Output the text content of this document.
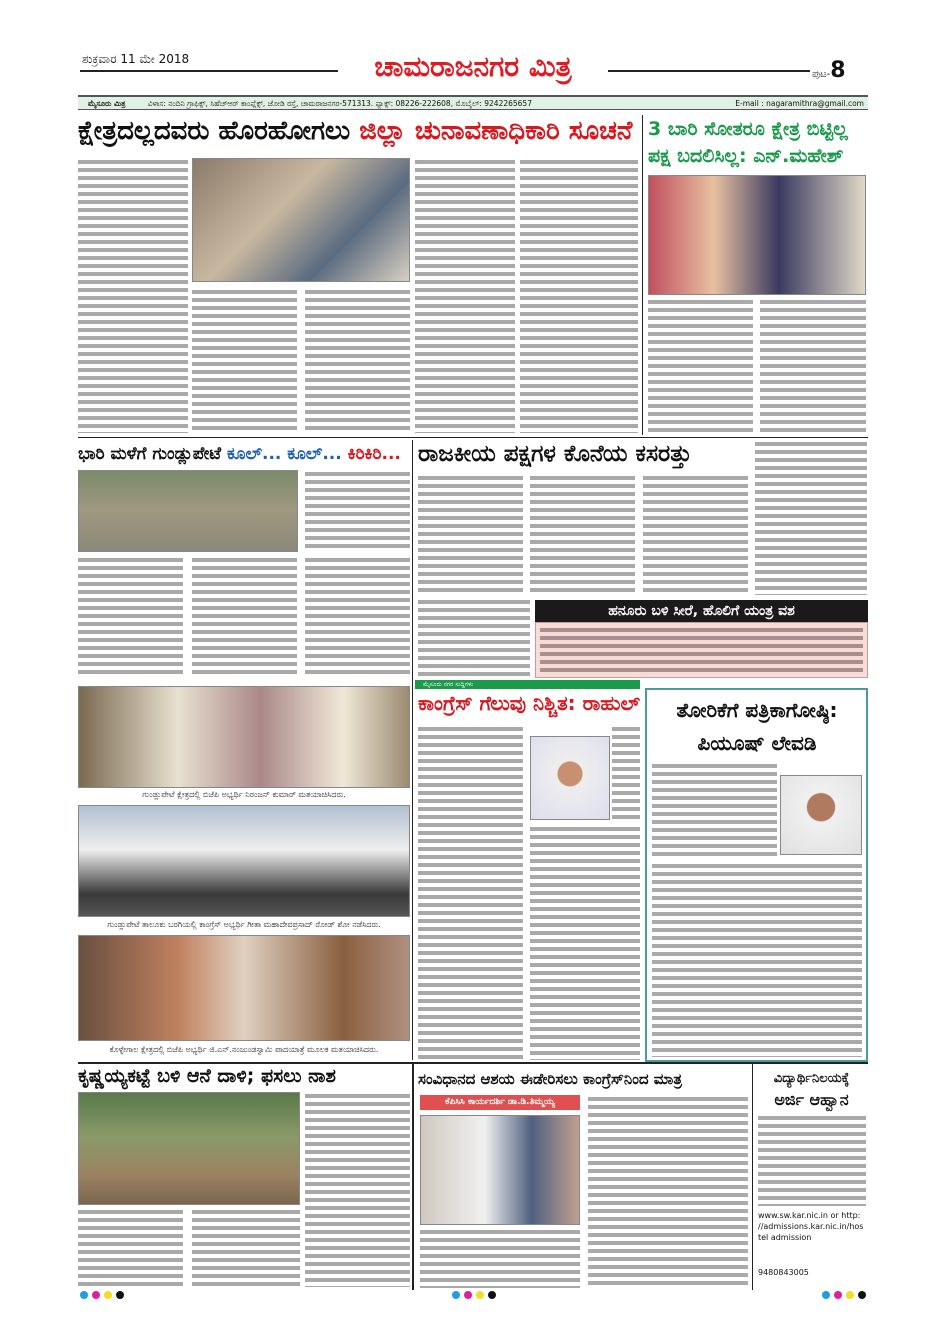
ಶುಕ್ರವಾರ 11 ಮೇ 2018	ಚಾಮರಾಜನಗರ ಮಿತ್ರ	ಪುಟ-8
ಮೈಸೂರು ಮಿತ್ರ	ವಿಳಾಸ: ನಂದಿನಿ ಗ್ರಾಫಿಕ್ಸ್, ಸಿಹೆಚ್‌ಆರ್ ಕಾಂಪ್ಲೆಕ್ಸ್, ಜೋಡಿ ರಸ್ತೆ, ಚಾಮರಾಜನಗರ-571313. ಫ್ಯಾಕ್ಸ್: 08226-222608, ಮೊಬೈಲ್: 9242265657	E-mail : nagaramithra@gmail.com
ಕ್ಷೇತ್ರದಲ್ಲದವರು ಹೊರಹೋಗಲು ಜಿಲ್ಲಾ ಚುನಾವಣಾಧಿಕಾರಿ ಸೂಚನೆ 3 ಬಾರಿ ಸೋತರೂ ಕ್ಷೇತ್ರ ಬಿಟ್ಟಿಲ್ಲ
ಪಕ್ಷ ಬದಲಿಸಿಲ್ಲ: ಎನ್.ಮಹೇಶ್
ಭಾರಿ ಮಳೆಗೆ ಗುಂಡ್ಲುಪೇಟೆ ಕೂಲ್... ಕೂಲ್... ಕಿರಿಕಿರಿ... ರಾಜಕೀಯ ಪಕ್ಷಗಳ ಕೊನೆಯ ಕಸರತ್ತು
ಹನೂರು ಬಳಿ ಸೀರೆ, ಹೊಲಿಗೆ ಯಂತ್ರ ವಶ
ಗುಂಡ್ಲುಪೇಟೆ ಕ್ಷೇತ್ರದಲ್ಲಿ ಬಿಜೆಪಿ ಅಭ್ಯರ್ಥಿ ನಿರಂಜನ್ ಕುಮಾರ್ ಮತಯಾಚಿಸಿದರು.
ಗುಂಡ್ಲುಪೇಟೆ ತಾಲೂಕು ಬರಗಿಯಲ್ಲಿ ಕಾಂಗ್ರೆಸ್ ಅಭ್ಯರ್ಥಿ ಗೀತಾ ಮಹಾದೇವಪ್ರಸಾದ್ ರೋಡ್ ಶೋ ನಡೆಸಿದರು.
ಕೊಳ್ಳೇಗಾಲ ಕ್ಷೇತ್ರದಲ್ಲಿ ಬಿಜೆಪಿ ಅಭ್ಯರ್ಥಿ ಜಿ.ಎನ್.ನಂಜುಂಡಸ್ವಾಮಿ ಪಾದಯಾತ್ರೆ ಮೂಲಕ ಮತಯಾಚಿಸಿದರು.
ಮೈಸೂರು ನಗರ ಸುದ್ದಿಗಳು
ಕಾಂಗ್ರೆಸ್ ಗೆಲುವು ನಿಶ್ಚಿತ: ರಾಹುಲ್	ತೋರಿಕೆಗೆ ಪತ್ರಿಕಾಗೋಷ್ಠಿ:
ಪಿಯೂಷ್ ಲೇವಡಿ
ಕೃಷ್ಣಯ್ಯಕಟ್ಟೆ ಬಳಿ ಆನೆ ದಾಳಿ; ಫಸಲು ನಾಶ	ಸಂವಿಧಾನದ ಆಶಯ ಈಡೇರಿಸಲು ಕಾಂಗ್ರೆಸ್‌ನಿಂದ ಮಾತ್ರ
ಕೆಪಿಸಿಸಿ ಕಾರ್ಯದರ್ಶಿ ಡಾ.ಡಿ.ತಿಮ್ಮಯ್ಯ
ವಿದ್ಯಾರ್ಥಿನಿಲಯಕ್ಕೆ
ಅರ್ಜಿ ಆಹ್ವಾನ
www.sw.kar.nic.in or http: //admissions.kar.nic.in/hostel admission
9480843005
